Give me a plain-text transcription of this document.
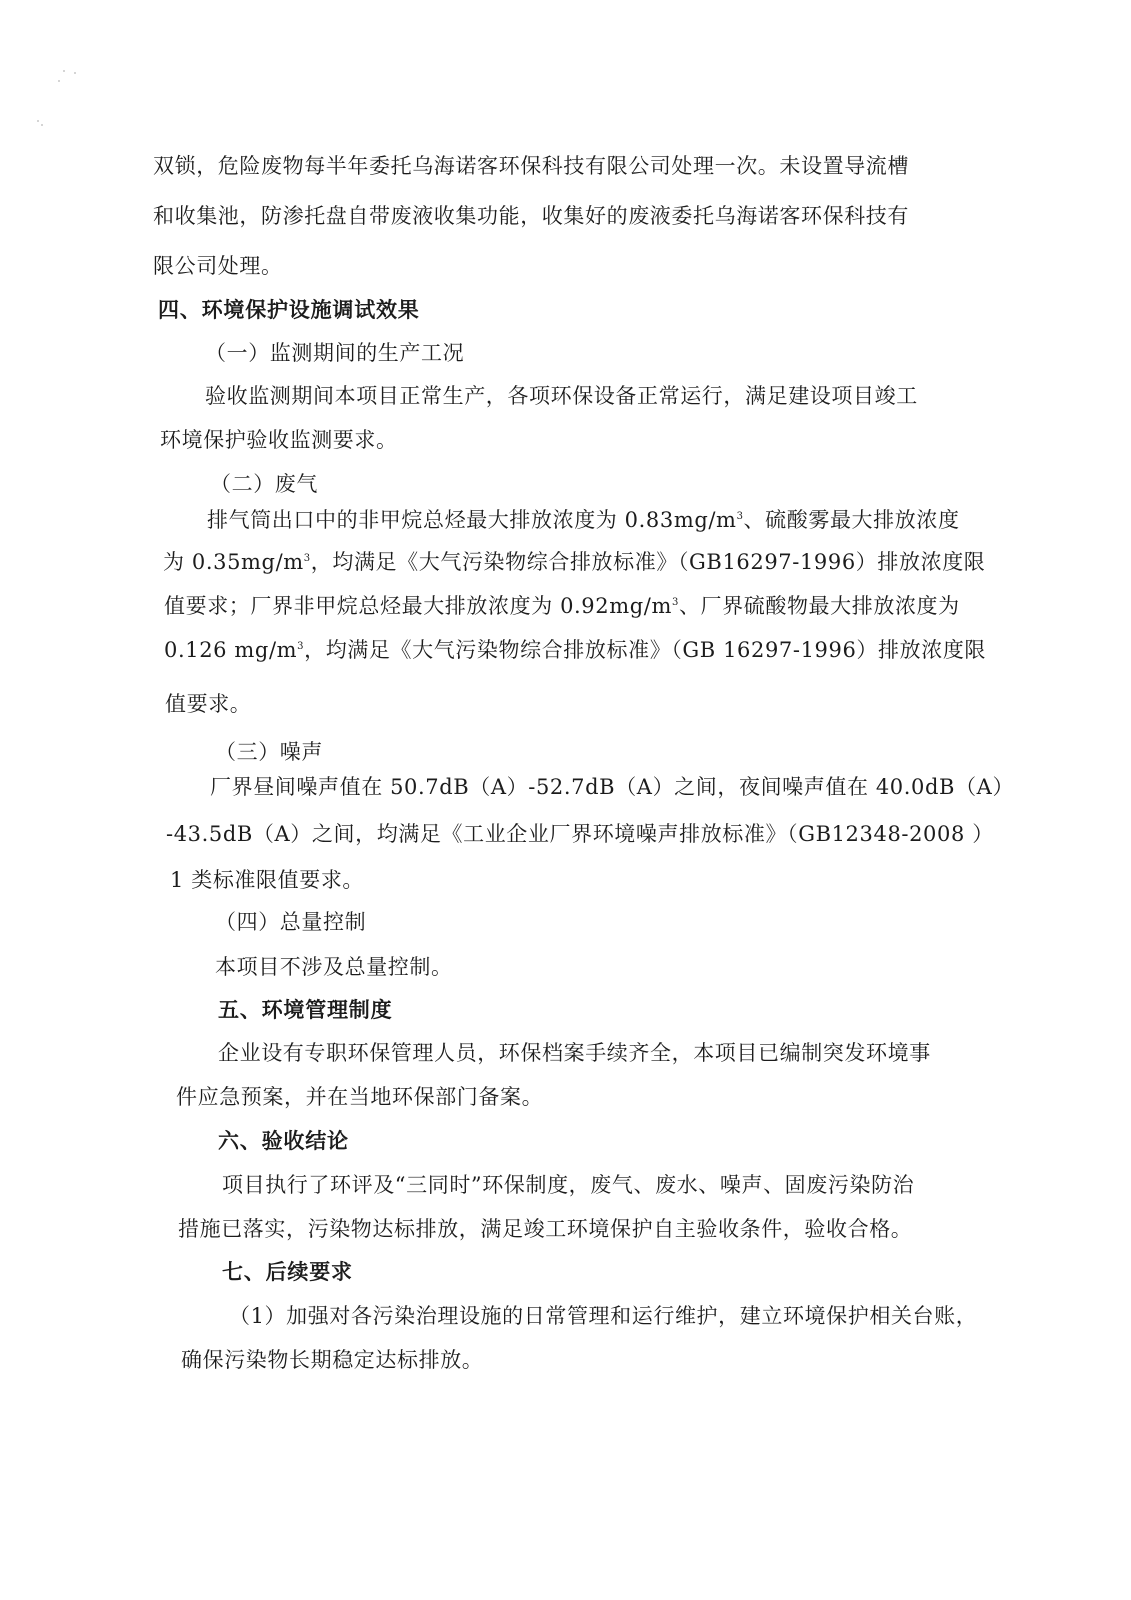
双锁，危险废物每半年委托乌海诺客环保科技有限公司处理一次。未设置导流槽
和收集池，防渗托盘自带废液收集功能，收集好的废液委托乌海诺客环保科技有
限公司处理。
四、环境保护设施调试效果
（一）监测期间的生产工况
验收监测期间本项目正常生产，各项环保设备正常运行，满足建设项目竣工
环境保护验收监测要求。
（二）废气
排气筒出口中的非甲烷总烃最大排放浓度为 $0.83mg/m^3$、硫酸雾最大排放浓度
为 $0.35mg/m^3$，均满足《大气污染物综合排放标准》（GB16297-1996）排放浓度限
值要求；厂界非甲烷总烃最大排放浓度为 $0.92mg/m^3$、厂界硫酸物最大排放浓度为
0.126 $mg/m^3$，均满足《大气污染物综合排放标准》（GB 16297-1996）排放浓度限
值要求。
（三）噪声
厂界昼间噪声值在 50.7dB（A）-52.7dB（A）之间，夜间噪声值在 40.0dB（A）
-43.5dB（A）之间，均满足《工业企业厂界环境噪声排放标准》（GB12348-2008 ）
1 类标准限值要求。
（四）总量控制
本项目不涉及总量控制。
五、环境管理制度
企业设有专职环保管理人员，环保档案手续齐全，本项目已编制突发环境事
件应急预案，并在当地环保部门备案。
六、验收结论
项目执行了环评及“三同时”环保制度，废气、废水、噪声、固废污染防治
措施已落实，污染物达标排放，满足竣工环境保护自主验收条件，验收合格。
七、后续要求
（1）加强对各污染治理设施的日常管理和运行维护，建立环境保护相关台账，
确保污染物长期稳定达标排放。
